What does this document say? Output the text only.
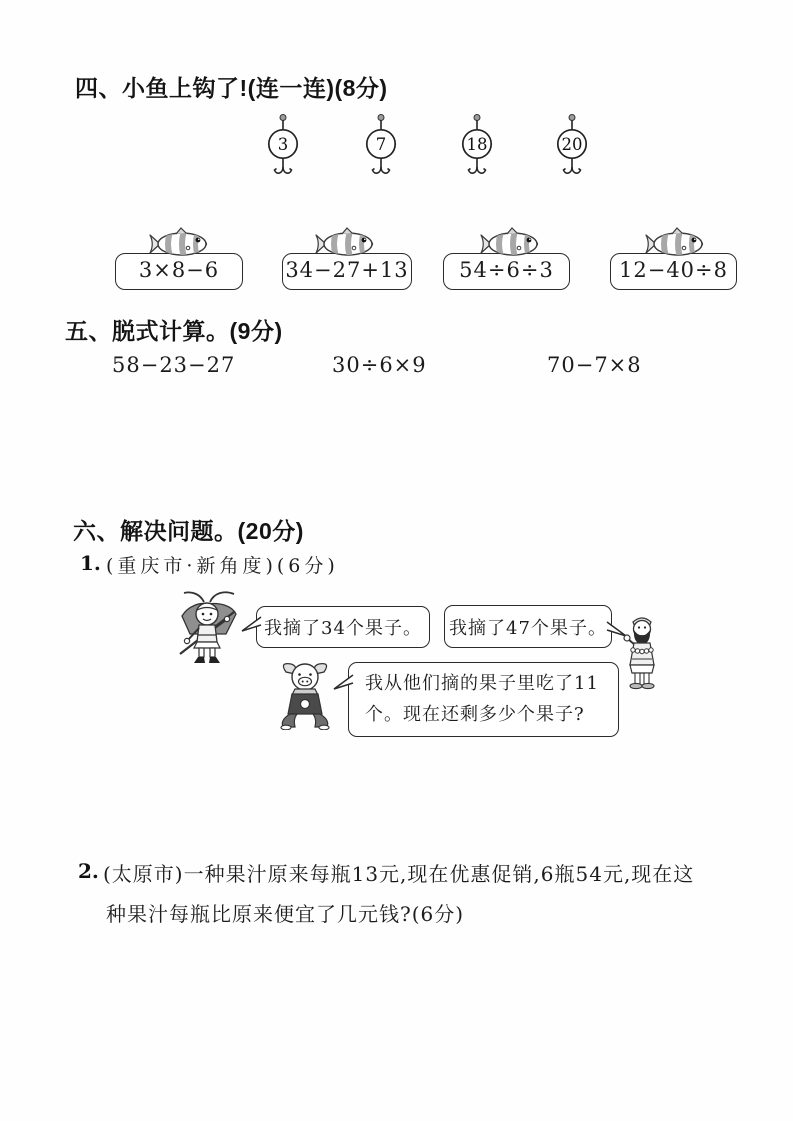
四、小鱼上钩了!(连一连)(8分)
3	7	18	20
3×8−6	34−27+13	54÷6÷3	12−40÷8
五、脱式计算。(9分)
58−23−27	30÷6×9	70−7×8
六、解决问题。(20分)
1. (重庆市·新角度)(6分)
我摘了34个果子。 我摘了47个果子。
我从他们摘的果子里吃了11
个。现在还剩多少个果子?
2. (太原市)一种果汁原来每瓶13元,现在优惠促销,6瓶54元,现在这
种果汁每瓶比原来便宜了几元钱?(6分)
